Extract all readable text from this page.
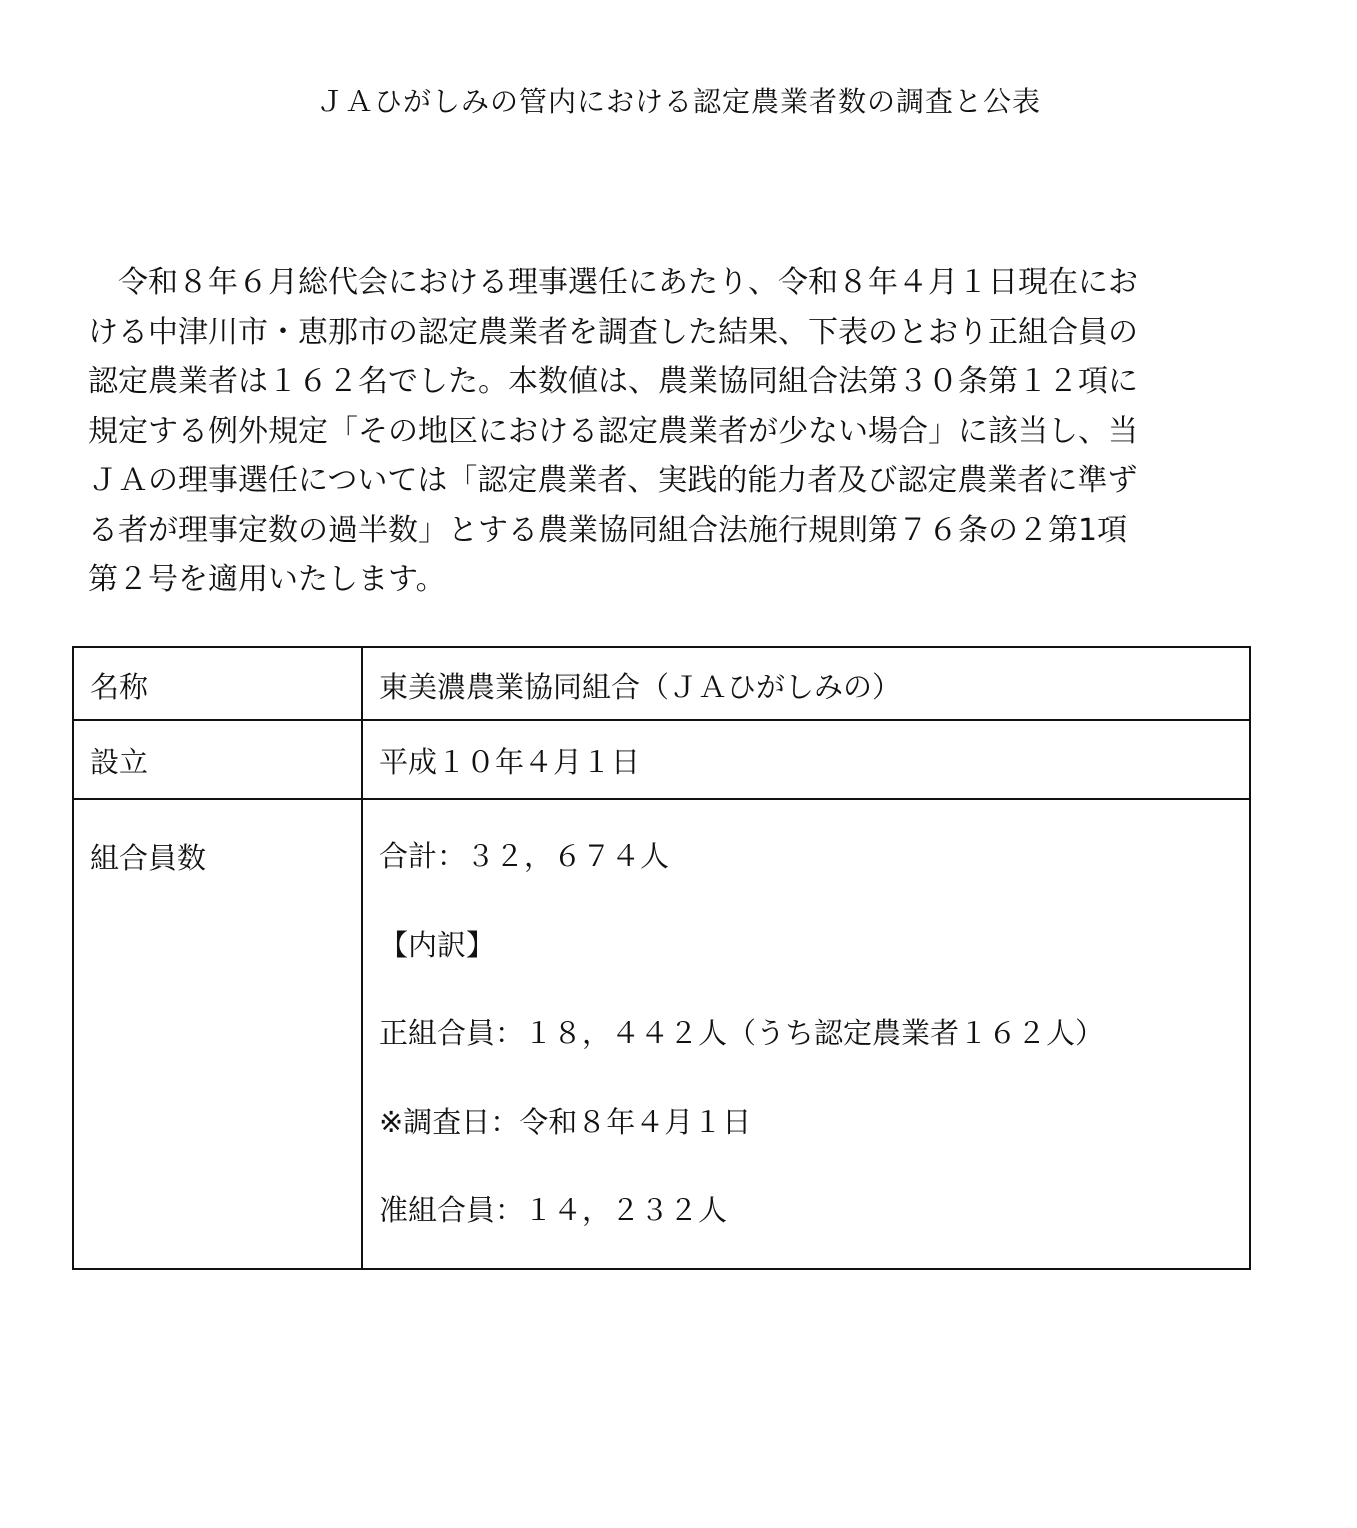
ＪＡひがしみの管内における認定農業者数の調査と公表

　令和８年６月総代会における理事選任にあたり、令和８年４月１日現在にお
ける中津川市・恵那市の認定農業者を調査した結果、下表のとおり正組合員の
認定農業者は１６２名でした。本数値は、農業協同組合法第３０条第１２項に
規定する例外規定「その地区における認定農業者が少ない場合」に該当し、当
ＪＡの理事選任については「認定農業者、実践的能力者及び認定農業者に準ず
る者が理事定数の過半数」とする農業協同組合法施行規則第７６条の２第1項
第２号を適用いたします。

名称	東美濃農業協同組合（ＪＡひがしみの）
設立	平成１０年４月１日
組合員数	合計：３２，６７４人
【内訳】
正組合員：１８，４４２人（うち認定農業者１６２人）
※調査日：令和８年４月１日
准組合員：１４，２３２人
